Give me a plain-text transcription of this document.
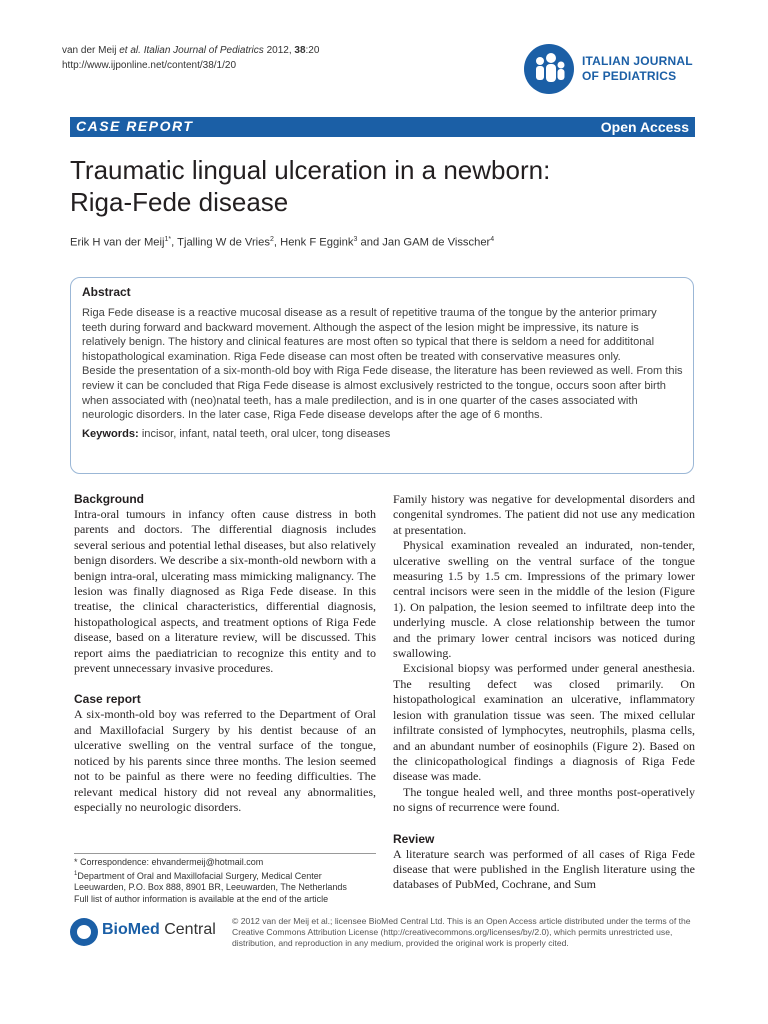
van der Meij et al. Italian Journal of Pediatrics 2012, 38:20
http://www.ijponline.net/content/38/1/20	ITALIAN JOURNAL
OF PEDIATRICS
CASE REPORT	Open Access
Traumatic lingual ulceration in a newborn:
Riga-Fede disease
Erik H van der Meij$^{1*}$, Tjalling W de Vries$^2$, Henk F Eggink$^3$ and Jan GAM de Visscher$^4$
Abstract

Riga Fede disease is a reactive mucosal disease as a result of repetitive trauma of the tongue by the anterior primary teeth during forward and backward movement. Although the aspect of the lesion might be impressive, its nature is relatively benign. The history and clinical features are most often so typical that there is seldom a need for addititonal histopathological examination. Riga Fede disease can most often be treated with conservative measures only.

Beside the presentation of a six-month-old boy with Riga Fede disease, the literature has been reviewed as well. From this review it can be concluded that Riga Fede disease is almost exclusively restricted to the tongue, occurs soon after birth when associated with (neo)natal teeth, has a male predilection, and is in one quarter of the cases associated with neurologic disorders. In the later case, Riga Fede disease develops after the age of 6 months.

Keywords: incisor, infant, natal teeth, oral ulcer, tong diseases

Background

Intra-oral tumours in infancy often cause distress in both parents and doctors. The differential diagnosis includes several serious and potential lethal diseases, but also relatively benign disorders. We describe a six-month-old newborn with a benign intra-oral, ulcerating mass mimicking malignancy. The lesion was finally diagnosed as Riga Fede disease. In this treatise, the clinical characteristics, differential diagnosis, histopathological aspects, and treatment options of Riga Fede disease, based on a literature review, will be discussed. This report aims the paediatrician to recognize this entity and to prevent unnecessary invasive procedures.

Case report

A six-month-old boy was referred to the Department of Oral and Maxillofacial Surgery by his dentist because of an ulcerative swelling on the ventral surface of the tongue, noticed by his parents since three months. The lesion seemed not to be painful as there were no feeding difficulties. The relevant medical history did not reveal any abnormalities, especially no neurologic disorders.

Family history was negative for developmental disorders and congenital syndromes. The patient did not use any medication at presentation.

Physical examination revealed an indurated, non-tender, ulcerative swelling on the ventral surface of the tongue measuring 1.5 by 1.5 cm. Impressions of the primary lower central incisors were seen in the middle of the lesion (Figure 1). On palpation, the lesion seemed to infiltrate deep into the underlying muscle. A close relationship between the tumor and the primary lower central incisors was noticed during swallowing.

Excisional biopsy was performed under general anesthesia. The resulting defect was closed primarily. On histopathological examination an ulcerative, inflammatory lesion with granulation tissue was seen. The mixed cellular infiltrate consisted of lymphocytes, neutrophils, plasma cells, and an abundant number of eosinophils (Figure 2). Based on the clinicopathological findings a diagnosis of Riga Fede disease was made.

The tongue healed well, and three months post-operatively no signs of recurrence were found.

Review

A literature search was performed of all cases of Riga Fede disease that were published in the English literature using the databases of PubMed, Cochrane, and Sum

* Correspondence: ehvandermeij@hotmail.com
$^1$Department of Oral and Maxillofacial Surgery, Medical Center Leeuwarden, P.O. Box 888, 8901 BR, Leeuwarden, The Netherlands
Full list of author information is available at the end of the article
BioMed Central © 2012 van der Meij et al.; licensee BioMed Central Ltd. This is an Open Access article distributed under the terms of the Creative Commons Attribution License (http://creativecommons.org/licenses/by/2.0), which permits unrestricted use, distribution, and reproduction in any medium, provided the original work is properly cited.
